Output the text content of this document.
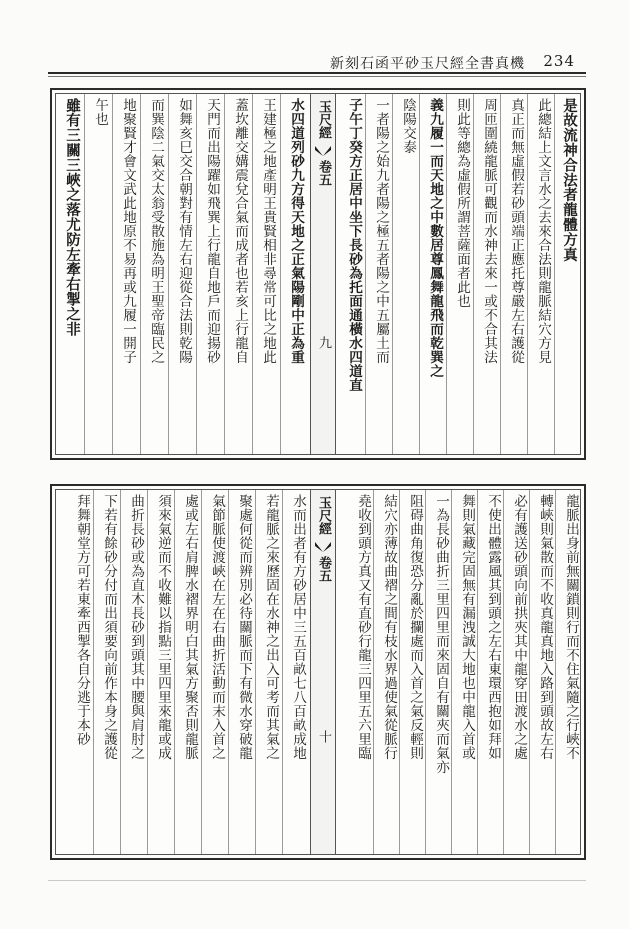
新刻石函平砂玉尺經全書真機 234
水四道列砂九方得天地之正氣陽剛中正為重
王建極之地產明王貴賢相非尋常可比之地此
蓋坎離交媾震兌合氣而成者也若亥上行龍自
天門而出陽躍如飛巽上行龍自地戶而迎揚砂
如舞亥巳交合朝對有情左右迎從合法則乾陽
而巽陰二氣交太翁受散施為明王聖帝臨民之
地聚賢才會文武此地原不易再或九履一開子
午也
雖有三關三峽之落尤防左牽右掣之非	玉尺經
卷五
九
是故流神合法者龍體方真
此總結上文言水之去來合法則龍脈結穴方見
真正而無虛假若砂頭端正應托尊嚴左右護從
周匝圍繞龍脈可觀而水神去來一或不合其法
則此等總為虛假所謂菩薩面者此也
義九履一而天地之中數居尊鳳舞龍飛而乾巽之
陰陽交泰
一者陽之始九者陽之極五者陽之中五屬土而
子午丁癸方正居中坐下長砂為托面通橫水四道直
水而出者有方砂居中三五百畝七八百畝成地
若龍脈之來歷固在水神之出入可考而其氣之
聚處何從而辨別必待關脈而下有微水穿破龍
氣節脈使渡峽在左在右曲折活動而末入首之
處或左右肩脾水褶界明白其氣方聚否則龍脈
須來氣逆而不收難以指點三里四里來龍或成
曲折長砂或為直木長砂到頭其中腰與肩肘之
下若有餘砂分付而出須要向前作本身之護從
拜舞朝堂方可若東牽西掣各自分逃于本砂	玉尺經
卷五
十	龍脈出身前無關鎖則行而不住氣隨之行峽不
轉峽則氣散而不收真龍真地入路到頭故左右
必有護送砂頭向前拱夾其中龍穿田渡水之處
不使出體露風其到頭之左右東環西抱如拜如
舞則氣藏完固無有漏洩誠大地也中龍入首或
一為長砂曲折三里四里而來固自有關夾而氣亦
阻碍曲角復恐分亂於攔處而入首之氣反輕則
結穴亦薄故曲褶之間有枝水界過使氣從脈行
堯收到頭方真又有直砂行龍三四里五六里臨
